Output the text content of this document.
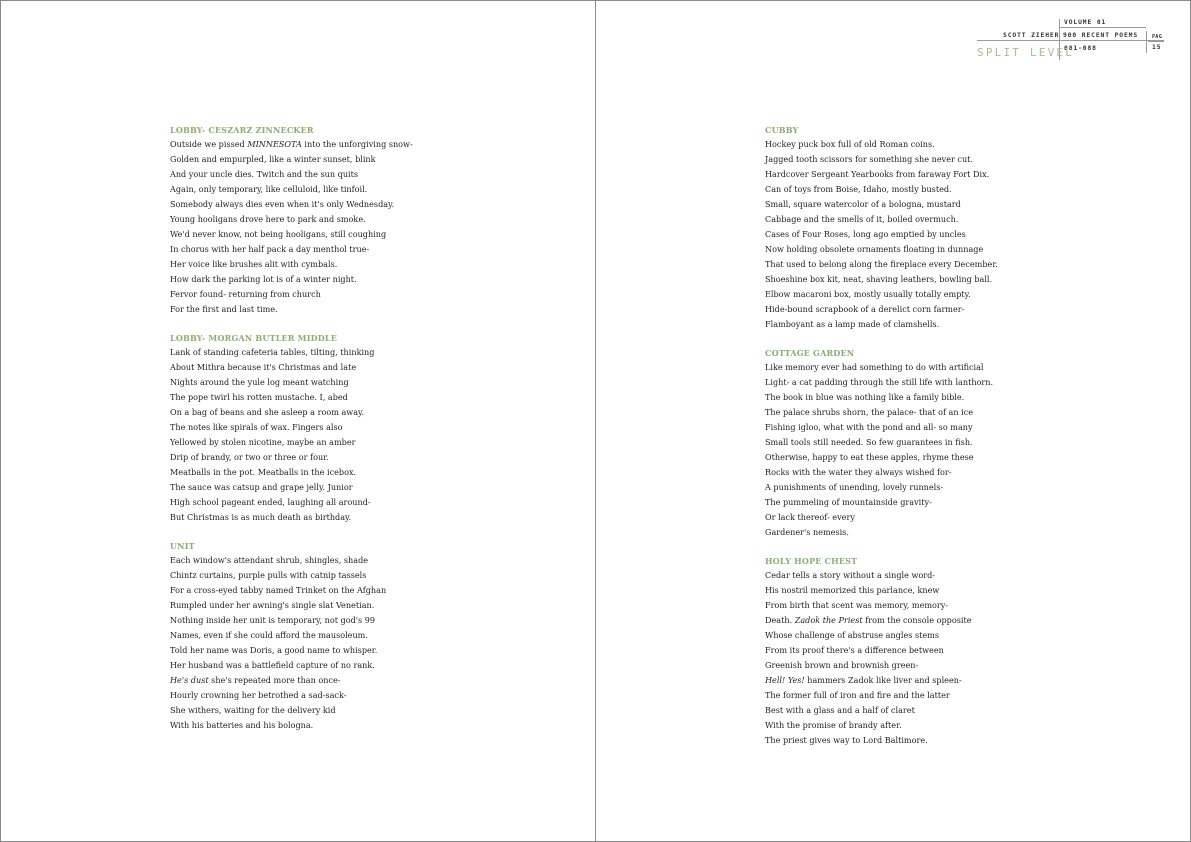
SCOTT ZIEHER
VOLUME 01
900 RECENT POEMS
081-088
PAG
15
SPLIT LEVEL
LOBBY- CESZARZ ZINNECKER
Outside we pissed MINNESOTA into the unforgiving snow-
Golden and empurpled, like a winter sunset, blink
And your uncle dies. Twitch and the sun quits
Again, only temporary, like celluloid, like tinfoil.
Somebody always dies even when it's only Wednesday.
Young hooligans drove here to park and smoke.
We'd never know, not being hooligans, still coughing
In chorus with her half pack a day menthol true-
Her voice like brushes alit with cymbals.
How dark the parking lot is of a winter night.
Fervor found- returning from church
For the first and last time.
LOBBY- MORGAN BUTLER MIDDLE
Lank of standing cafeteria tables, tilting, thinking
About Mithra because it's Christmas and late
Nights around the yule log meant watching
The pope twirl his rotten mustache. I, abed
On a bag of beans and she asleep a room away.
The notes like spirals of wax. Fingers also
Yellowed by stolen nicotine, maybe an amber
Drip of brandy, or two or three or four.
Meatballs in the pot. Meatballs in the icebox.
The sauce was catsup and grape jelly. Junior
High school pageant ended, laughing all around-
But Christmas is as much death as birthday.
UNIT
Each window's attendant shrub, shingles, shade
Chintz curtains, purple pulls with catnip tassels
For a cross-eyed tabby named Trinket on the Afghan
Rumpled under her awning's single slat Venetian.
Nothing inside her unit is temporary, not god's 99
Names, even if she could afford the mausoleum.
Told her name was Doris, a good name to whisper.
Her husband was a battlefield capture of no rank.
He's dust she's repeated more than once-
Hourly crowning her betrothed a sad-sack-
She withers, waiting for the delivery kid
With his batteries and his bologna.
CUBBY
Hockey puck box full of old Roman coins.
Jagged tooth scissors for something she never cut.
Hardcover Sergeant Yearbooks from faraway Fort Dix.
Can of toys from Boise, Idaho, mostly busted.
Small, square watercolor of a bologna, mustard
Cabbage and the smells of it, boiled overmuch.
Cases of Four Roses, long ago emptied by uncles
Now holding obsolete ornaments floating in dunnage
That used to belong along the fireplace every December.
Shoeshine box kit, neat, shaving leathers, bowling ball.
Elbow macaroni box, mostly usually totally empty.
Hide-bound scrapbook of a derelict corn farmer-
Flamboyant as a lamp made of clamshells.
COTTAGE GARDEN
Like memory ever had something to do with artificial
Light- a cat padding through the still life with lanthorn.
The book in blue was nothing like a family bible.
The palace shrubs shorn, the palace- that of an ice
Fishing igloo, what with the pond and all- so many
Small tools still needed. So few guarantees in fish.
Otherwise, happy to eat these apples, rhyme these
Rocks with the water they always wished for-
A punishments of unending, lovely runnels-
The pummeling of mountainside gravity-
Or lack thereof- every
Gardener's nemesis.
HOLY HOPE CHEST
Cedar tells a story without a single word-
His nostril memorized this parlance, knew
From birth that scent was memory, memory-
Death. Zadok the Priest from the console opposite
Whose challenge of abstruse angles stems
From its proof there's a difference between
Greenish brown and brownish green-
Hell! Yes! hammers Zadok like liver and spleen-
The former full of iron and fire and the latter
Best with a glass and a half of claret
With the promise of brandy after.
The priest gives way to Lord Baltimore.
